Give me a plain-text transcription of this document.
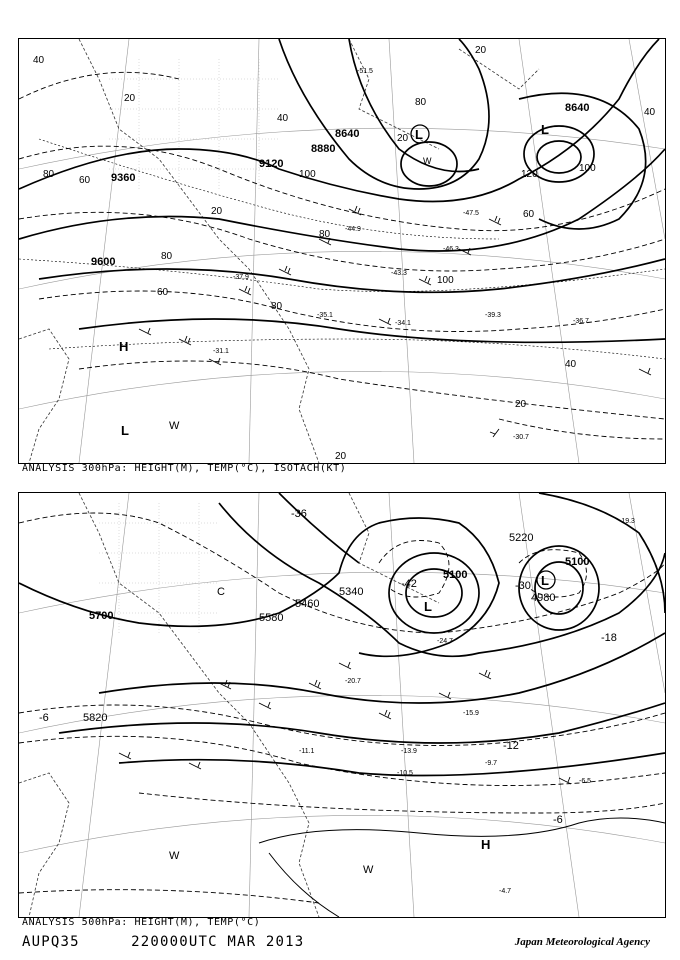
9120
9360
9600
8640
8880
8640
40
20
80
60
80
60
20
40
80
100
120
100
60
80
100
20
40
20
40
20
80
20
-51.5
-46.3
-47.5
-44.9
-43.3
-37.9
-35.1
-34.1	-36.7
-30.7
-39.3
-31.1
L	L
H
L	W
W
ANALYSIS 300hPa: HEIGHT(M), TEMP(°C), ISOTACH(KT)
5100
5100
5220
4980
5340
5460
5580
5700
5820
-36
-42
-18
-12
-6
-6
-30
-24.7
-20.7
-15.9
-13.9
-10.5
-9.7
-6.5
-4.7
-19.3
-11.1
L
L
H
W
W
C
ANALYSIS 500hPa: HEIGHT(M), TEMP(°C)
AUPQ35	220000UTC MAR 2013	Japan Meteorological Agency
